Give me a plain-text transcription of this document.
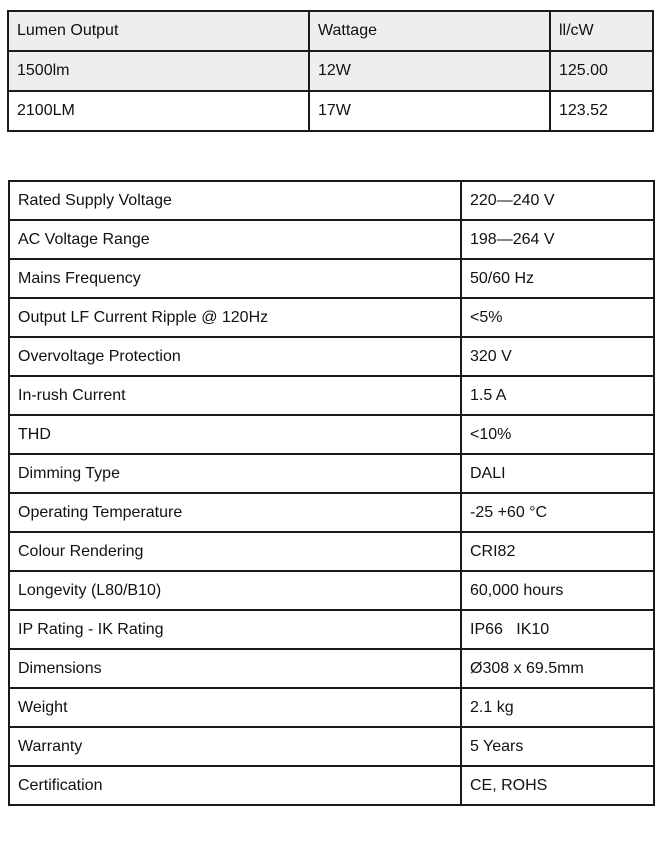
Lumen Output	Wattage	ll/cW
1500lm	12W	125.00
2100LM	17W	123.52
Rated Supply Voltage	220—240 V
AC Voltage Range	198—264 V
Mains Frequency	50/60 Hz
Output LF Current Ripple @ 120Hz	<5%
Overvoltage Protection	320 V
In-rush Current	1.5 A
THD	<10%
Dimming Type	DALI
Operating Temperature	-25 +60 °C
Colour Rendering	CRI82
Longevity (L80/B10)	60,000 hours
IP Rating - IK Rating	IP66   IK10
Dimensions	Ø308 x 69.5mm
Weight	2.1 kg
Warranty	5 Years
Certification	CE, ROHS
